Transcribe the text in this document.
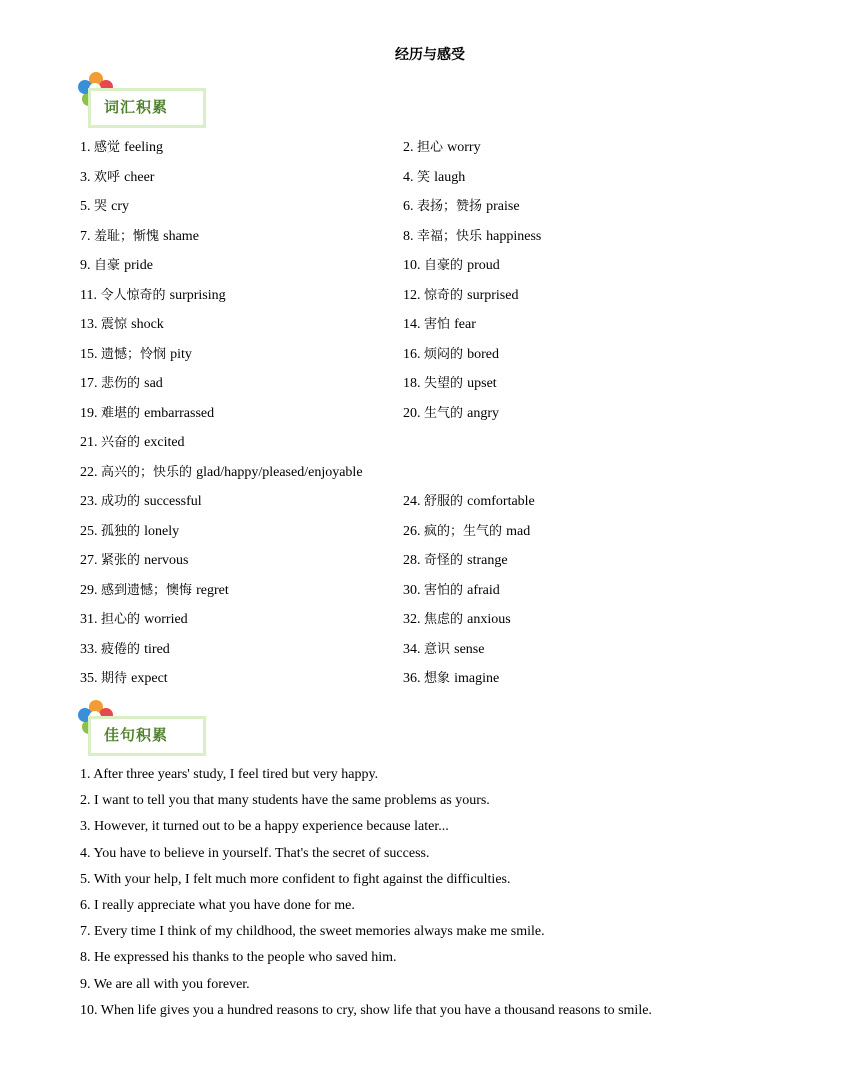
经历与感受
词汇积累
1. 感觉 feeling	2. 担心 worry
3. 欢呼 cheer	4. 笑 laugh
5. 哭 cry	6. 表扬；赞扬 praise
7. 羞耻；惭愧 shame	8. 幸福；快乐 happiness
9. 自豪 pride	10. 自豪的 proud
11. 令人惊奇的 surprising	12. 惊奇的 surprised
13. 震惊 shock	14. 害怕 fear
15. 遗憾；怜悯 pity	16. 烦闷的 bored
17. 悲伤的 sad	18. 失望的 upset
19. 难堪的 embarrassed	20. 生气的 angry
21. 兴奋的 excited
22. 高兴的；快乐的 glad/happy/pleased/enjoyable
23. 成功的 successful	24. 舒服的 comfortable
25. 孤独的 lonely	26. 疯的；生气的 mad
27. 紧张的 nervous	28. 奇怪的 strange
29. 感到遗憾；懊悔 regret	30. 害怕的 afraid
31. 担心的 worried	32. 焦虑的 anxious
33. 疲倦的 tired	34. 意识 sense
35. 期待 expect	36. 想象 imagine
佳句积累
1. After three years' study, I feel tired but very happy.
2. I want to tell you that many students have the same problems as yours.
3. However, it turned out to be a happy experience because later...
4. You have to believe in yourself. That's the secret of success.
5. With your help, I felt much more confident to fight against the difficulties.
6. I really appreciate what you have done for me.
7. Every time I think of my childhood, the sweet memories always make me smile.
8. He expressed his thanks to the people who saved him.
9. We are all with you forever.
10. When life gives you a hundred reasons to cry, show life that you have a thousand reasons to smile.
